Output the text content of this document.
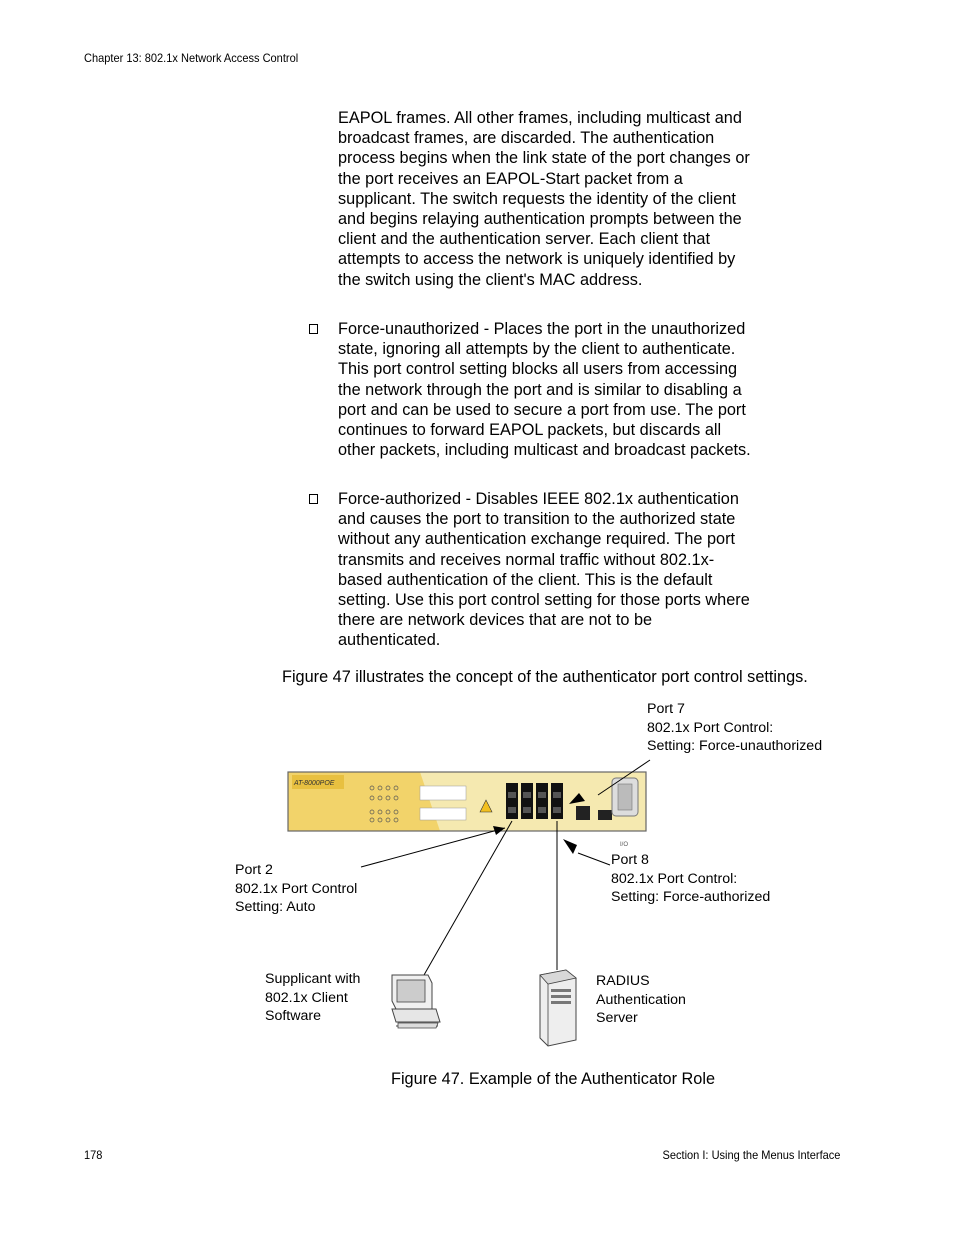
Chapter 13: 802.1x Network Access Control
EAPOL frames. All other frames, including multicast and broadcast frames, are discarded. The authentication process begins when the link state of the port changes or the port receives an EAPOL-Start packet from a supplicant. The switch requests the identity of the client and begins relaying authentication prompts between the client and the authentication server. Each client that attempts to access the network is uniquely identified by the switch using the client's MAC address.
Force-unauthorized - Places the port in the unauthorized state, ignoring all attempts by the client to authenticate. This port control setting blocks all users from accessing the network through the port and is similar to disabling a port and can be used to secure a port from use. The port continues to forward EAPOL packets, but discards all other packets, including multicast and broadcast packets.
Force-authorized - Disables IEEE 802.1x authentication and causes the port to transition to the authorized state without any authentication exchange required. The port transmits and receives normal traffic without 802.1x-based authentication of the client. This is the default setting. Use this port control setting for those ports where there are network devices that are not to be authenticated.
Figure 47 illustrates the concept of the authenticator port control settings.
AT-8000POE
I/O
Port 7
802.1x Port Control:
Setting: Force-unauthorized
Port 2
802.1x Port Control
Setting: Auto
Port 8
802.1x Port Control:
Setting: Force-authorized
Supplicant with
802.1x Client
Software
RADIUS
Authentication
Server
Figure 47. Example of the Authenticator Role
178	Section I: Using the Menus Interface
